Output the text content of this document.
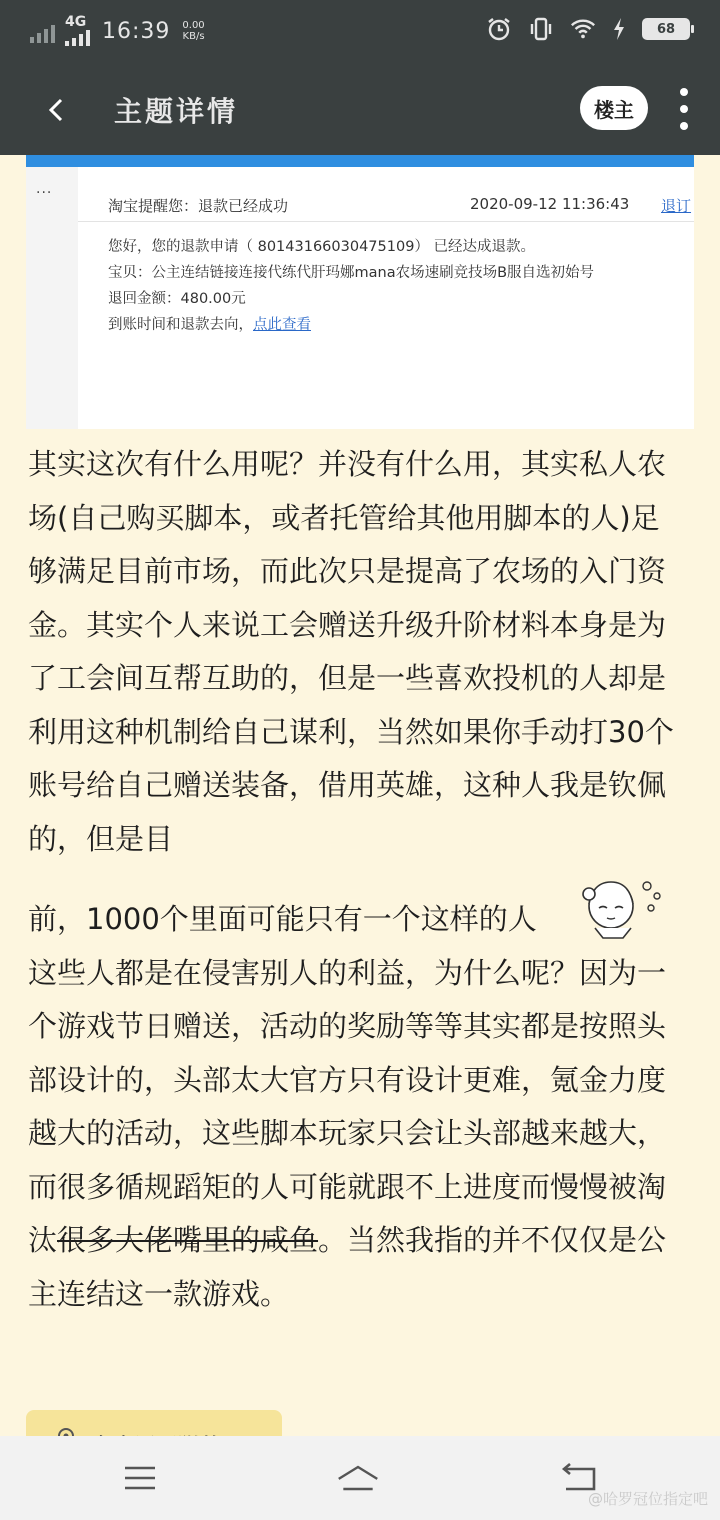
4G 16:39 0.00
KB/s	68
主题详情	楼主
...
淘宝提醒您：退款已经成功	2020-09-12 11:36:43 退订
您好，您的退款申请（ 80143166030475109） 已经达成退款。
宝贝：公主连结链接连接代练代肝玛娜mana农场速刷竞技场B服自选初始号
退回金额：480.00元
到账时间和退款去向，点此查看

其实这次有什么用呢？并没有什么用，其实私人农场(自己购买脚本，或者托管给其他用脚本的人)足够满足目前市场，而此次只是提高了农场的入门资金。其实个人来说工会赠送升级升阶材料本身是为了工会间互帮互助的，但是一些喜欢投机的人却是利用这种机制给自己谋利，当然如果你手动打30个账号给自己赠送装备，借用英雄，这种人我是钦佩的，但是目

前，1000个里面可能只有一个这样的人

这些人都是在侵害别人的利益，为什么呢？因为一个游戏节日赠送，活动的奖励等等其实都是按照头部设计的，头部太大官方只有设计更难，氪金力度越大的活动，这些脚本玩家只会让头部越来越大，而很多循规蹈矩的人可能就跟不上进度而慢慢被淘汰很多大佬嘴里的咸鱼。当然我指的并不仅仅是公主连结这一款游戏。

@哈罗冠位指定吧
